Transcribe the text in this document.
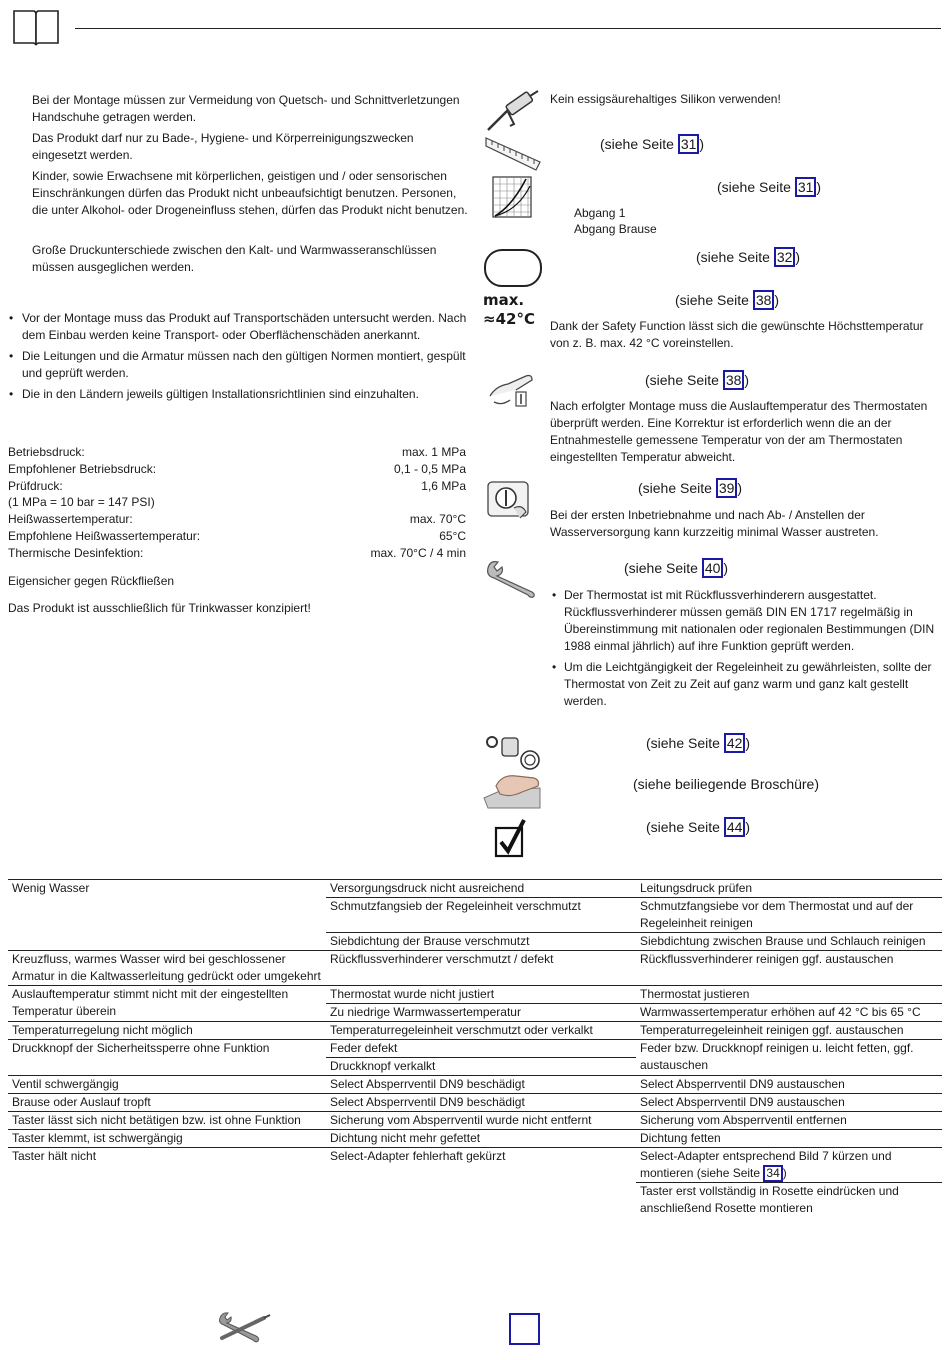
Bei der Montage müssen zur Vermeidung von Quetsch- und Schnittverletzungen Handschuhe getragen werden.

Das Produkt darf nur zu Bade-, Hygiene- und Körperreinigungszwecken eingesetzt werden.

Kinder, sowie Erwachsene mit körperlichen, geistigen und / oder sensorischen Einschränkungen dürfen das Produkt nicht unbeaufsichtigt benutzen. Personen, die unter Alkohol- oder Drogeneinfluss stehen, dürfen das Produkt nicht benutzen.

Große Druckunterschiede zwischen den Kalt- und Warmwasseranschlüssen müssen ausgeglichen werden.

• Vor der Montage muss das Produkt auf Transportschäden untersucht werden. Nach dem Einbau werden keine Transport- oder Oberflächenschäden anerkannt.
• Die Leitungen und die Armatur müssen nach den gültigen Normen montiert, gespült und geprüft werden.
• Die in den Ländern jeweils gültigen Installationsrichtlinien sind einzuhalten.
Betriebsdruck:	max. 1 MPa
Empfohlener Betriebsdruck:	0,1 - 0,5 MPa
Prüfdruck:	1,6 MPa
(1 MPa = 10 bar = 147 PSI)
Heißwassertemperatur:	max. 70°C
Empfohlene Heißwassertemperatur:	65°C
Thermische Desinfektion:	max. 70°C / 4 min

Eigensicher gegen Rückfließen

Das Produkt ist ausschließlich für Trinkwasser konzipiert!

Kein essigsäurehaltiges Silikon verwenden!

(siehe Seite 31 )
(siehe Seite 31 )

Abgang 1

Abgang Brause

(siehe Seite 32 )
max.
≈42°C
(siehe Seite 38 )

Dank der Safety Function lässt sich die gewünschte Höchsttemperatur von z. B. max. 42 °C voreinstellen.

(siehe Seite 38 )

Nach erfolgter Montage muss die Auslauftemperatur des Thermostaten überprüft werden. Eine Korrektur ist erforderlich wenn die an der Entnahmestelle gemessene Temperatur von der am Thermostaten eingestellten Temperatur abweicht.

(siehe Seite 39 )

Bei der ersten Inbetriebnahme und nach Ab- / Anstellen der Wasserversorgung kann kurzzeitig minimal Wasser austreten.

(siehe Seite 40 )
• Der Thermostat ist mit Rückflussverhinderern ausgestattet. Rückflussverhinderer müssen gemäß DIN EN 1717 regelmäßig in Übereinstimmung mit nationalen oder regionalen Bestimmungen (DIN 1988 einmal jährlich) auf ihre Funktion geprüft werden.
• Um die Leichtgängigkeit der Regeleinheit zu gewährleisten, sollte der Thermostat von Zeit zu Zeit auf ganz warm und ganz kalt gestellt werden.
(siehe Seite 42 )
(siehe beiliegende Broschüre)
(siehe Seite 44 )
Wenig Wasser	Versorgungsdruck nicht ausreichend	Leitungsdruck prüfen
	Schmutzfangsieb der Regeleinheit verschmutzt	Schmutzfangsiebe vor dem Thermostat und auf der Regeleinheit reinigen
	Siebdichtung der Brause verschmutzt	Siebdichtung zwischen Brause und Schlauch reinigen
Kreuzfluss, warmes Wasser wird bei geschlossener Armatur in die Kaltwasserleitung gedrückt oder umgekehrt	Rückflussverhinderer verschmutzt / defekt	Rückflussverhinderer reinigen ggf. austauschen
Auslauftemperatur stimmt nicht mit der eingestellten Temperatur überein	Thermostat wurde nicht justiert	Thermostat justieren
	Zu niedrige Warmwassertemperatur	Warmwassertemperatur erhöhen auf 42 °C bis 65 °C
Temperaturregelung nicht möglich	Temperaturregeleinheit verschmutzt oder verkalkt	Temperaturregeleinheit reinigen ggf. austauschen
Druckknopf der Sicherheitssperre ohne Funktion	Feder defekt	Feder bzw. Druckknopf reinigen u. leicht fetten, ggf. austauschen
	Druckknopf verkalkt	
Ventil schwergängig	Select Absperrventil DN9 beschädigt	Select Absperrventil DN9 austauschen
Brause oder Auslauf tropft	Select Absperrventil DN9 beschädigt	Select Absperrventil DN9 austauschen
Taster lässt sich nicht betätigen bzw. ist ohne Funktion	Sicherung vom Absperrventil wurde nicht entfernt	Sicherung vom Absperrventil entfernen
Taster klemmt, ist schwergängig	Dichtung nicht mehr gefettet	Dichtung fetten
Taster hält nicht	Select-Adapter fehlerhaft gekürzt	Select-Adapter entsprechend Bild 7 kürzen und montieren (siehe Seite 34 )
		Taster erst vollständig in Rosette eindrücken und anschließend Rosette montieren
